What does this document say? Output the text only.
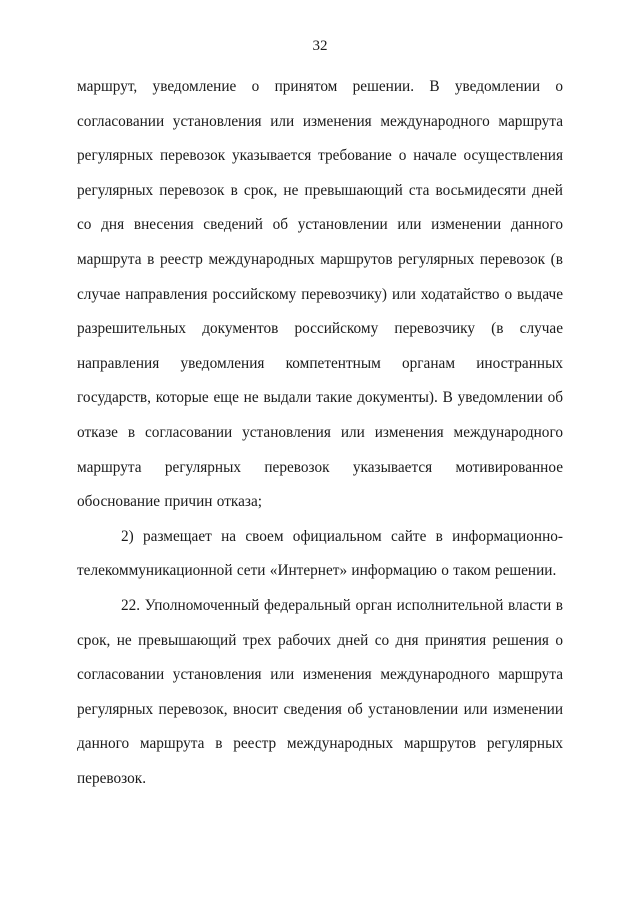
32

маршрут, уведомление о принятом решении. В уведомлении о согласовании установления или изменения международного маршрута регулярных перевозок указывается требование о начале осуществления регулярных перевозок в срок, не превышающий ста восьмидесяти дней со дня внесения сведений об установлении или изменении данного маршрута в реестр международных маршрутов регулярных перевозок (в случае направления российскому перевозчику) или ходатайство о выдаче разрешительных документов российскому перевозчику (в случае направления уведомления компетентным органам иностранных государств, которые еще не выдали такие документы). В уведомлении об отказе в согласовании установления или изменения международного маршрута регулярных перевозок указывается мотивированное обоснование причин отказа;

2) размещает на своем официальном сайте в информационно-телекоммуникационной сети «Интернет» информацию о таком решении.

22. Уполномоченный федеральный орган исполнительной власти в срок, не превышающий трех рабочих дней со дня принятия решения о согласовании установления или изменения международного маршрута регулярных перевозок, вносит сведения об установлении или изменении данного маршрута в реестр международных маршрутов регулярных перевозок.
